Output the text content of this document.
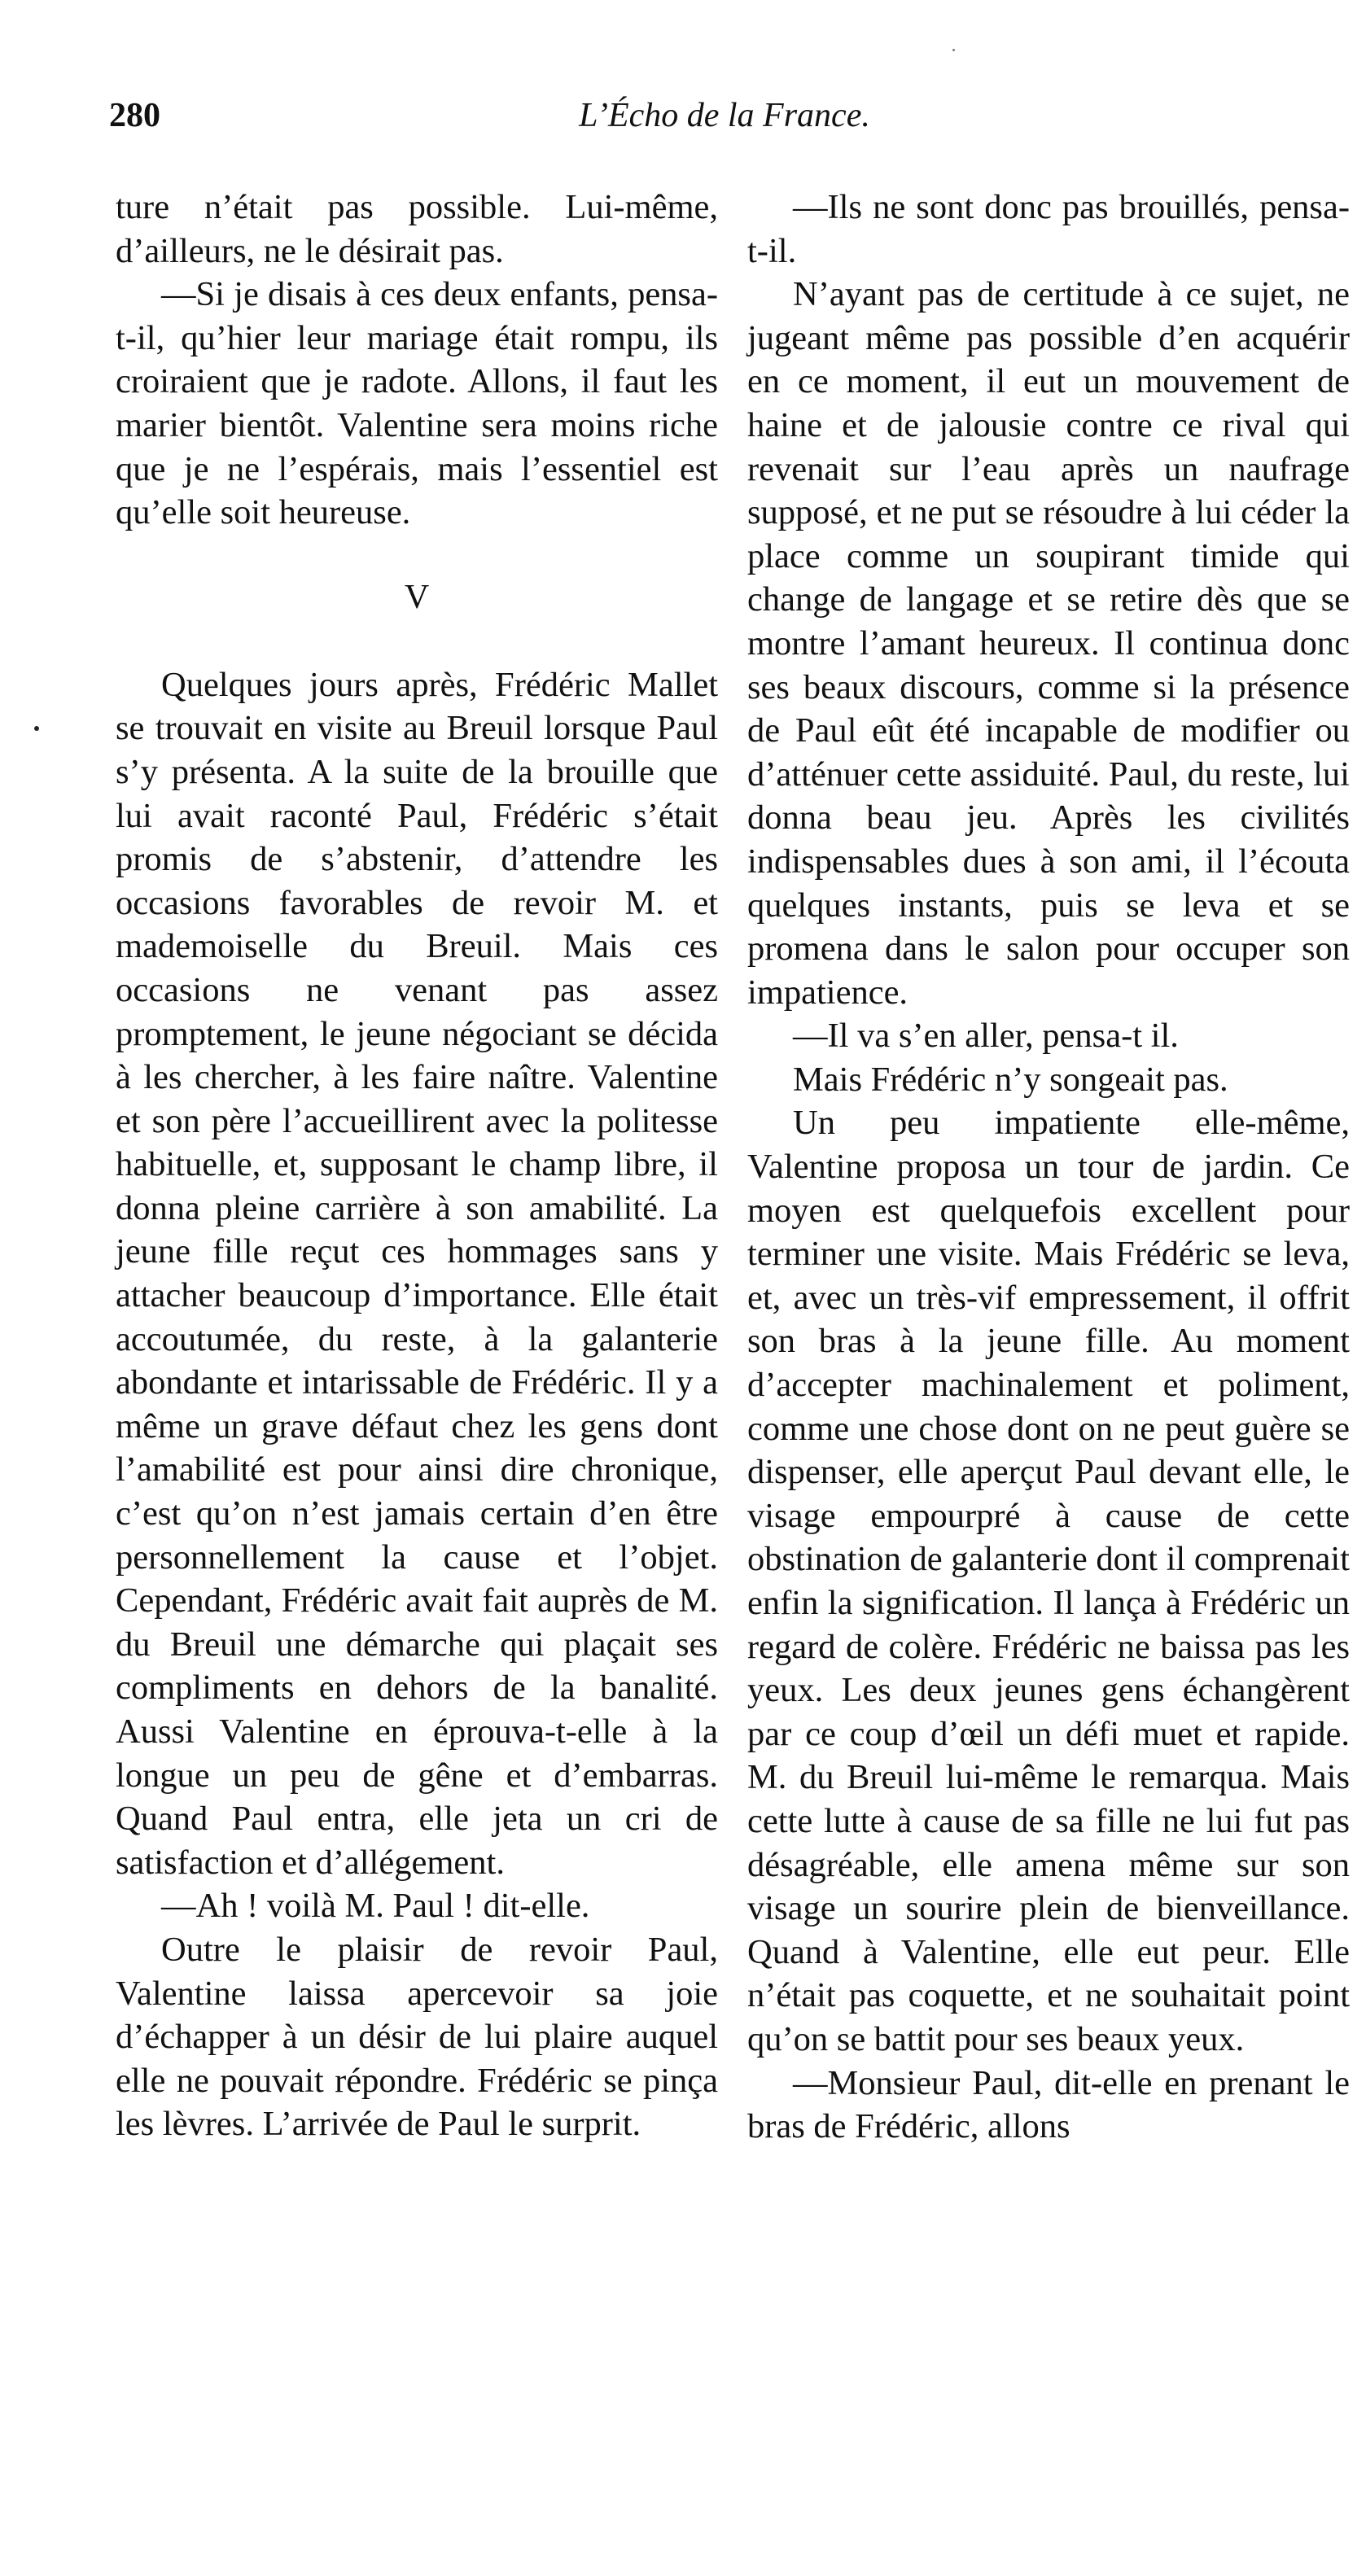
280	L’Écho de la France.

ture n’était pas possible. Lui-même, d’ailleurs, ne le désirait pas.

—Si je disais à ces deux enfants, pensa-t-il, qu’hier leur mariage était rompu, ils croiraient que je radote. Allons, il faut les marier bientôt. Valentine sera moins riche que je ne l’espérais, mais l’essentiel est qu’elle soit heureuse.

V

Quelques jours après, Frédéric Mallet se trouvait en visite au Breuil lorsque Paul s’y présenta. A la suite de la brouille que lui avait raconté Paul, Frédéric s’était promis de s’abstenir, d’attendre les occasions favorables de revoir M. et mademoiselle du Breuil. Mais ces occasions ne venant pas assez promptement, le jeune négociant se décida à les chercher, à les faire naître. Valentine et son père l’accueillirent avec la politesse habituelle, et, supposant le champ libre, il donna pleine carrière à son amabilité. La jeune fille reçut ces hommages sans y attacher beaucoup d’importance. Elle était accoutumée, du reste, à la galanterie abondante et intarissable de Frédéric. Il y a même un grave défaut chez les gens dont l’amabilité est pour ainsi dire chronique, c’est qu’on n’est jamais certain d’en être personnellement la cause et l’objet. Cependant, Frédéric avait fait auprès de M. du Breuil une démarche qui plaçait ses compliments en dehors de la banalité. Aussi Valentine en éprouva-t-elle à la longue un peu de gêne et d’embarras. Quand Paul entra, elle jeta un cri de satisfaction et d’allégement.

—Ah ! voilà M. Paul ! dit-elle.

Outre le plaisir de revoir Paul, Valentine laissa apercevoir sa joie d’échapper à un désir de lui plaire auquel elle ne pouvait répondre. Frédéric se pinça les lèvres. L’arrivée de Paul le surprit.

—Ils ne sont donc pas brouillés, pensa-t-il.

N’ayant pas de certitude à ce sujet, ne jugeant même pas possible d’en acquérir en ce moment, il eut un mouvement de haine et de jalousie contre ce rival qui revenait sur l’eau après un naufrage supposé, et ne put se résoudre à lui céder la place comme un soupirant timide qui change de langage et se retire dès que se montre l’amant heureux. Il continua donc ses beaux discours, comme si la présence de Paul eût été incapable de modifier ou d’atténuer cette assiduité. Paul, du reste, lui donna beau jeu. Après les civilités indispensables dues à son ami, il l’écouta quelques instants, puis se leva et se promena dans le salon pour occuper son impatience.

—Il va s’en aller, pensa-t il.

Mais Frédéric n’y songeait pas.

Un peu impatiente elle-même, Valentine proposa un tour de jardin. Ce moyen est quelquefois excellent pour terminer une visite. Mais Frédéric se leva, et, avec un très-vif empressement, il offrit son bras à la jeune fille. Au moment d’accepter machinalement et poliment, comme une chose dont on ne peut guère se dispenser, elle aperçut Paul devant elle, le visage empourpré à cause de cette obstination de galanterie dont il comprenait enfin la signification. Il lança à Frédéric un regard de colère. Frédéric ne baissa pas les yeux. Les deux jeunes gens échangèrent par ce coup d’œil un défi muet et rapide. M. du Breuil lui-même le remarqua. Mais cette lutte à cause de sa fille ne lui fut pas désagréable, elle amena même sur son visage un sourire plein de bienveillance. Quand à Valentine, elle eut peur. Elle n’était pas coquette, et ne souhaitait point qu’on se battit pour ses beaux yeux.

—Monsieur Paul, dit-elle en prenant le bras de Frédéric, allons
